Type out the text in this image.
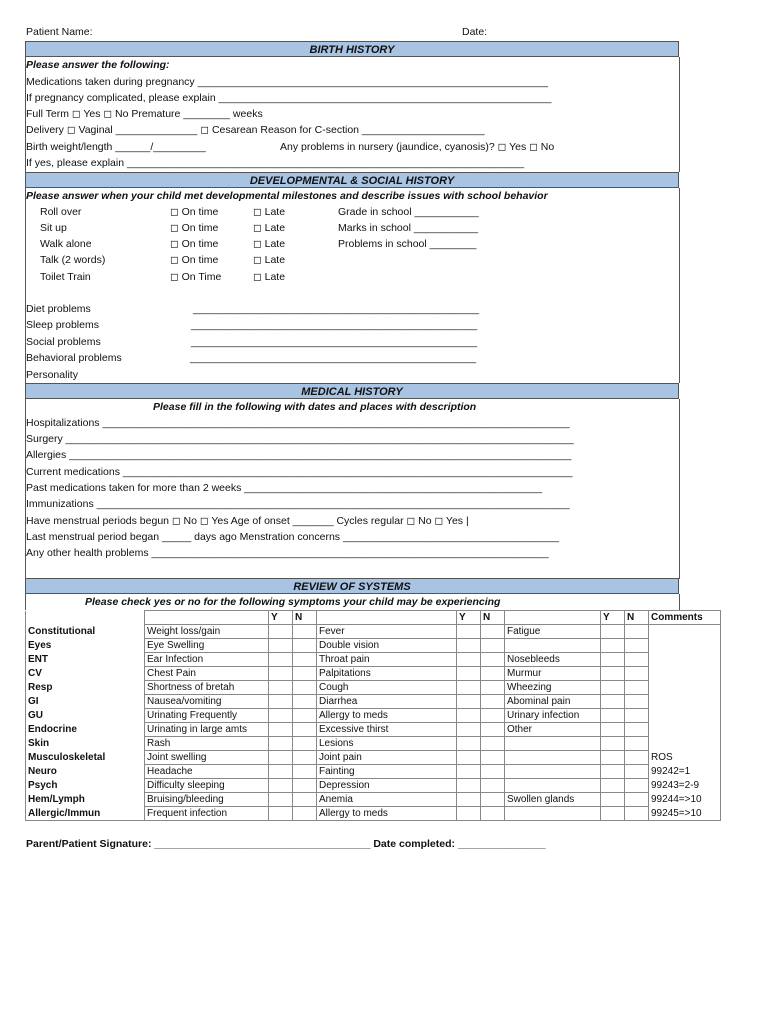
Patient Name:	Date:
BIRTH HISTORY
Please answer the following:
Medications taken during pregnancy ____________________________________________________________
If pregnancy complicated, please explain _________________________________________________________
Full Term ◻ Yes ◻ No Premature ________ weeks
Delivery ◻ Vaginal ______________ ◻ Cesarean Reason for C-section _____________________
Birth weight/length ______/_________	Any problems in nursery (jaundice, cyanosis)? ◻ Yes ◻ No
If yes, please explain ____________________________________________________________________
DEVELOPMENTAL & SOCIAL HISTORY
Please answer when your child met developmental milestones and describe issues with school behavior
Roll over	◻ On time	◻ Late
Sit up	◻ On time	◻ Late
Walk alone	◻ On time	◻ Late
Talk (2 words)	◻ On time	◻ Late
Toilet Train	◻ On Time	◻ Late
Grade in school ___________
Marks in school ___________
Problems in school ________
Diet problems	_________________________________________________
Sleep problems	_________________________________________________
Social problems	_________________________________________________
Behavioral problems	_________________________________________________
Personality
MEDICAL HISTORY
Please fill in the following with dates and places with description
Hospitalizations ________________________________________________________________________________
Surgery _______________________________________________________________________________________
Allergies ______________________________________________________________________________________
Current medications _____________________________________________________________________________
Past medications taken for more than 2 weeks ___________________________________________________
Immunizations _________________________________________________________________________________
Have menstrual periods begun ◻ No ◻ Yes Age of onset _______ Cycles regular ◻ No ◻ Yes |
Last menstrual period began _____ days ago Menstration concerns _____________________________________
Any other health problems ____________________________________________________________________
REVIEW OF SYSTEMS
Please check yes or no for the following symptoms your child may be experiencing
		Y	N		Y	N		Y	N	Comments
Constitutional	Weight loss/gain			Fever			Fatigue			
Eyes	Eye Swelling			Double vision						
ENT	Ear Infection			Throat pain			Nosebleeds			
CV	Chest Pain			Palpitations			Murmur			
Resp	Shortness of bretah			Cough			Wheezing			
GI	Nausea/vomiting			Diarrhea			Abominal pain			
GU	Urinating Frequently			Allergy to meds			Urinary infection			
Endocrine	Urinating in large amts			Excessive thirst			Other			
Skin	Rash			Lesions						
Musculoskeletal	Joint swelling			Joint pain						ROS
Neuro	Headache			Fainting						99242=1
Psych	Difficulty sleeping			Depression						99243=2-9
Hem/Lymph	Bruising/bleeding			Anemia			Swollen glands			99244=>10
Allergic/Immun	Frequent infection			Allergy to meds						99245=>10
Parent/Patient Signature: _____________________________________ Date completed: _______________
